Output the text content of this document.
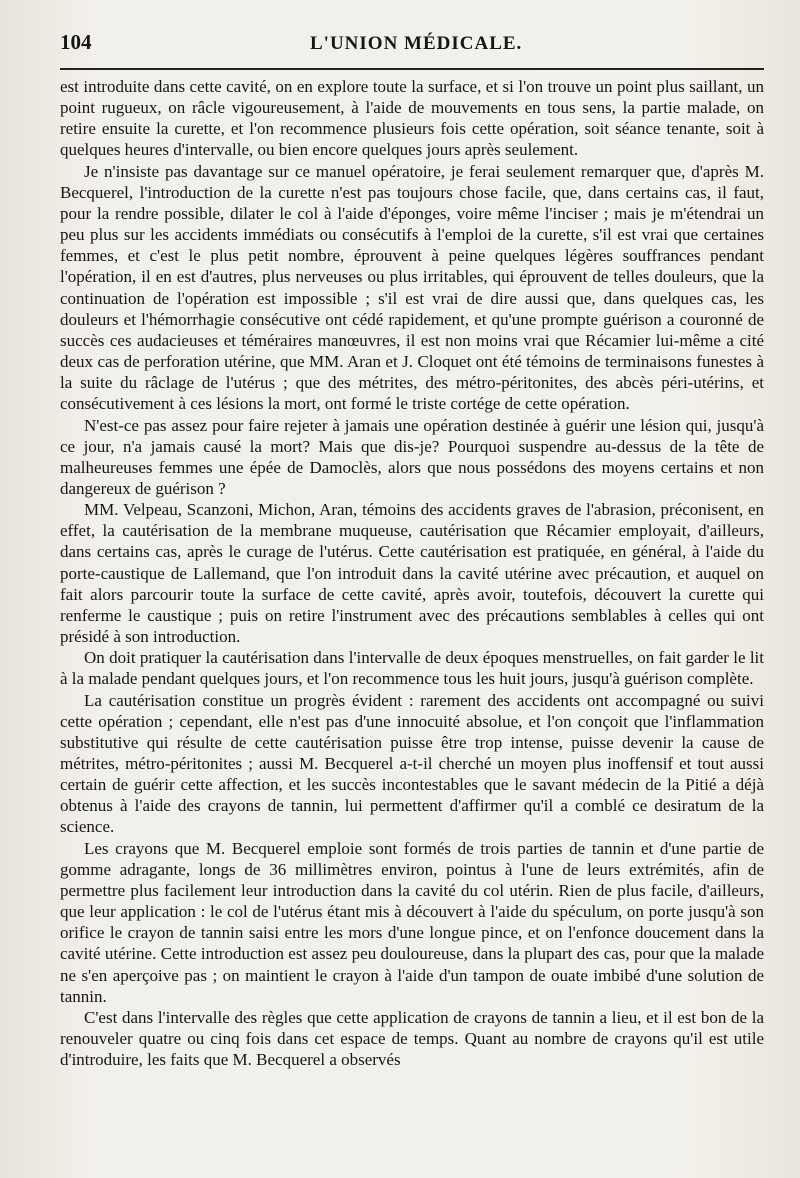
104	L'UNION MÉDICALE.

est introduite dans cette cavité, on en explore toute la surface, et si l'on trouve un point plus saillant, un point rugueux, on râcle vigoureusement, à l'aide de mouvements en tous sens, la partie malade, on retire ensuite la curette, et l'on recommence plusieurs fois cette opération, soit séance tenante, soit à quelques heures d'intervalle, ou bien encore quelques jours après seulement.

Je n'insiste pas davantage sur ce manuel opératoire, je ferai seulement remarquer que, d'après M. Becquerel, l'introduction de la curette n'est pas toujours chose facile, que, dans certains cas, il faut, pour la rendre possible, dilater le col à l'aide d'éponges, voire même l'inciser ; mais je m'étendrai un peu plus sur les accidents immédiats ou consécutifs à l'emploi de la curette, s'il est vrai que certaines femmes, et c'est le plus petit nombre, éprouvent à peine quelques légères souffrances pendant l'opération, il en est d'autres, plus nerveuses ou plus irritables, qui éprouvent de telles douleurs, que la continuation de l'opération est impossible ; s'il est vrai de dire aussi que, dans quelques cas, les douleurs et l'hémorrhagie consécutive ont cédé rapidement, et qu'une prompte guérison a couronné de succès ces audacieuses et téméraires manœuvres, il est non moins vrai que Récamier lui-même a cité deux cas de perforation utérine, que MM. Aran et J. Cloquet ont été témoins de terminaisons funestes à la suite du râclage de l'utérus ; que des métrites, des métro-péritonites, des abcès péri-utérins, et consécutivement à ces lésions la mort, ont formé le triste cortége de cette opération.

N'est-ce pas assez pour faire rejeter à jamais une opération destinée à guérir une lésion qui, jusqu'à ce jour, n'a jamais causé la mort? Mais que dis-je? Pourquoi suspendre au-dessus de la tête de malheureuses femmes une épée de Damoclès, alors que nous possédons des moyens certains et non dangereux de guérison ?

MM. Velpeau, Scanzoni, Michon, Aran, témoins des accidents graves de l'abrasion, préconisent, en effet, la cautérisation de la membrane muqueuse, cautérisation que Récamier employait, d'ailleurs, dans certains cas, après le curage de l'utérus. Cette cautérisation est pratiquée, en général, à l'aide du porte-caustique de Lallemand, que l'on introduit dans la cavité utérine avec précaution, et auquel on fait alors parcourir toute la surface de cette cavité, après avoir, toutefois, découvert la curette qui renferme le caustique ; puis on retire l'instrument avec des précautions semblables à celles qui ont présidé à son introduction.

On doit pratiquer la cautérisation dans l'intervalle de deux époques menstruelles, on fait garder le lit à la malade pendant quelques jours, et l'on recommence tous les huit jours, jusqu'à guérison complète.

La cautérisation constitue un progrès évident : rarement des accidents ont accompagné ou suivi cette opération ; cependant, elle n'est pas d'une innocuité absolue, et l'on conçoit que l'inflammation substitutive qui résulte de cette cautérisation puisse être trop intense, puisse devenir la cause de métrites, métro-péritonites ; aussi M. Becquerel a-t-il cherché un moyen plus inoffensif et tout aussi certain de guérir cette affection, et les succès incontestables que le savant médecin de la Pitié a déjà obtenus à l'aide des crayons de tannin, lui permettent d'affirmer qu'il a comblé ce desiratum de la science.

Les crayons que M. Becquerel emploie sont formés de trois parties de tannin et d'une partie de gomme adragante, longs de 36 millimètres environ, pointus à l'une de leurs extrémités, afin de permettre plus facilement leur introduction dans la cavité du col utérin. Rien de plus facile, d'ailleurs, que leur application : le col de l'utérus étant mis à découvert à l'aide du spéculum, on porte jusqu'à son orifice le crayon de tannin saisi entre les mors d'une longue pince, et on l'enfonce doucement dans la cavité utérine. Cette introduction est assez peu douloureuse, dans la plupart des cas, pour que la malade ne s'en aperçoive pas ; on maintient le crayon à l'aide d'un tampon de ouate imbibé d'une solution de tannin.

C'est dans l'intervalle des règles que cette application de crayons de tannin a lieu, et il est bon de la renouveler quatre ou cinq fois dans cet espace de temps. Quant au nombre de crayons qu'il est utile d'introduire, les faits que M. Becquerel a observés
